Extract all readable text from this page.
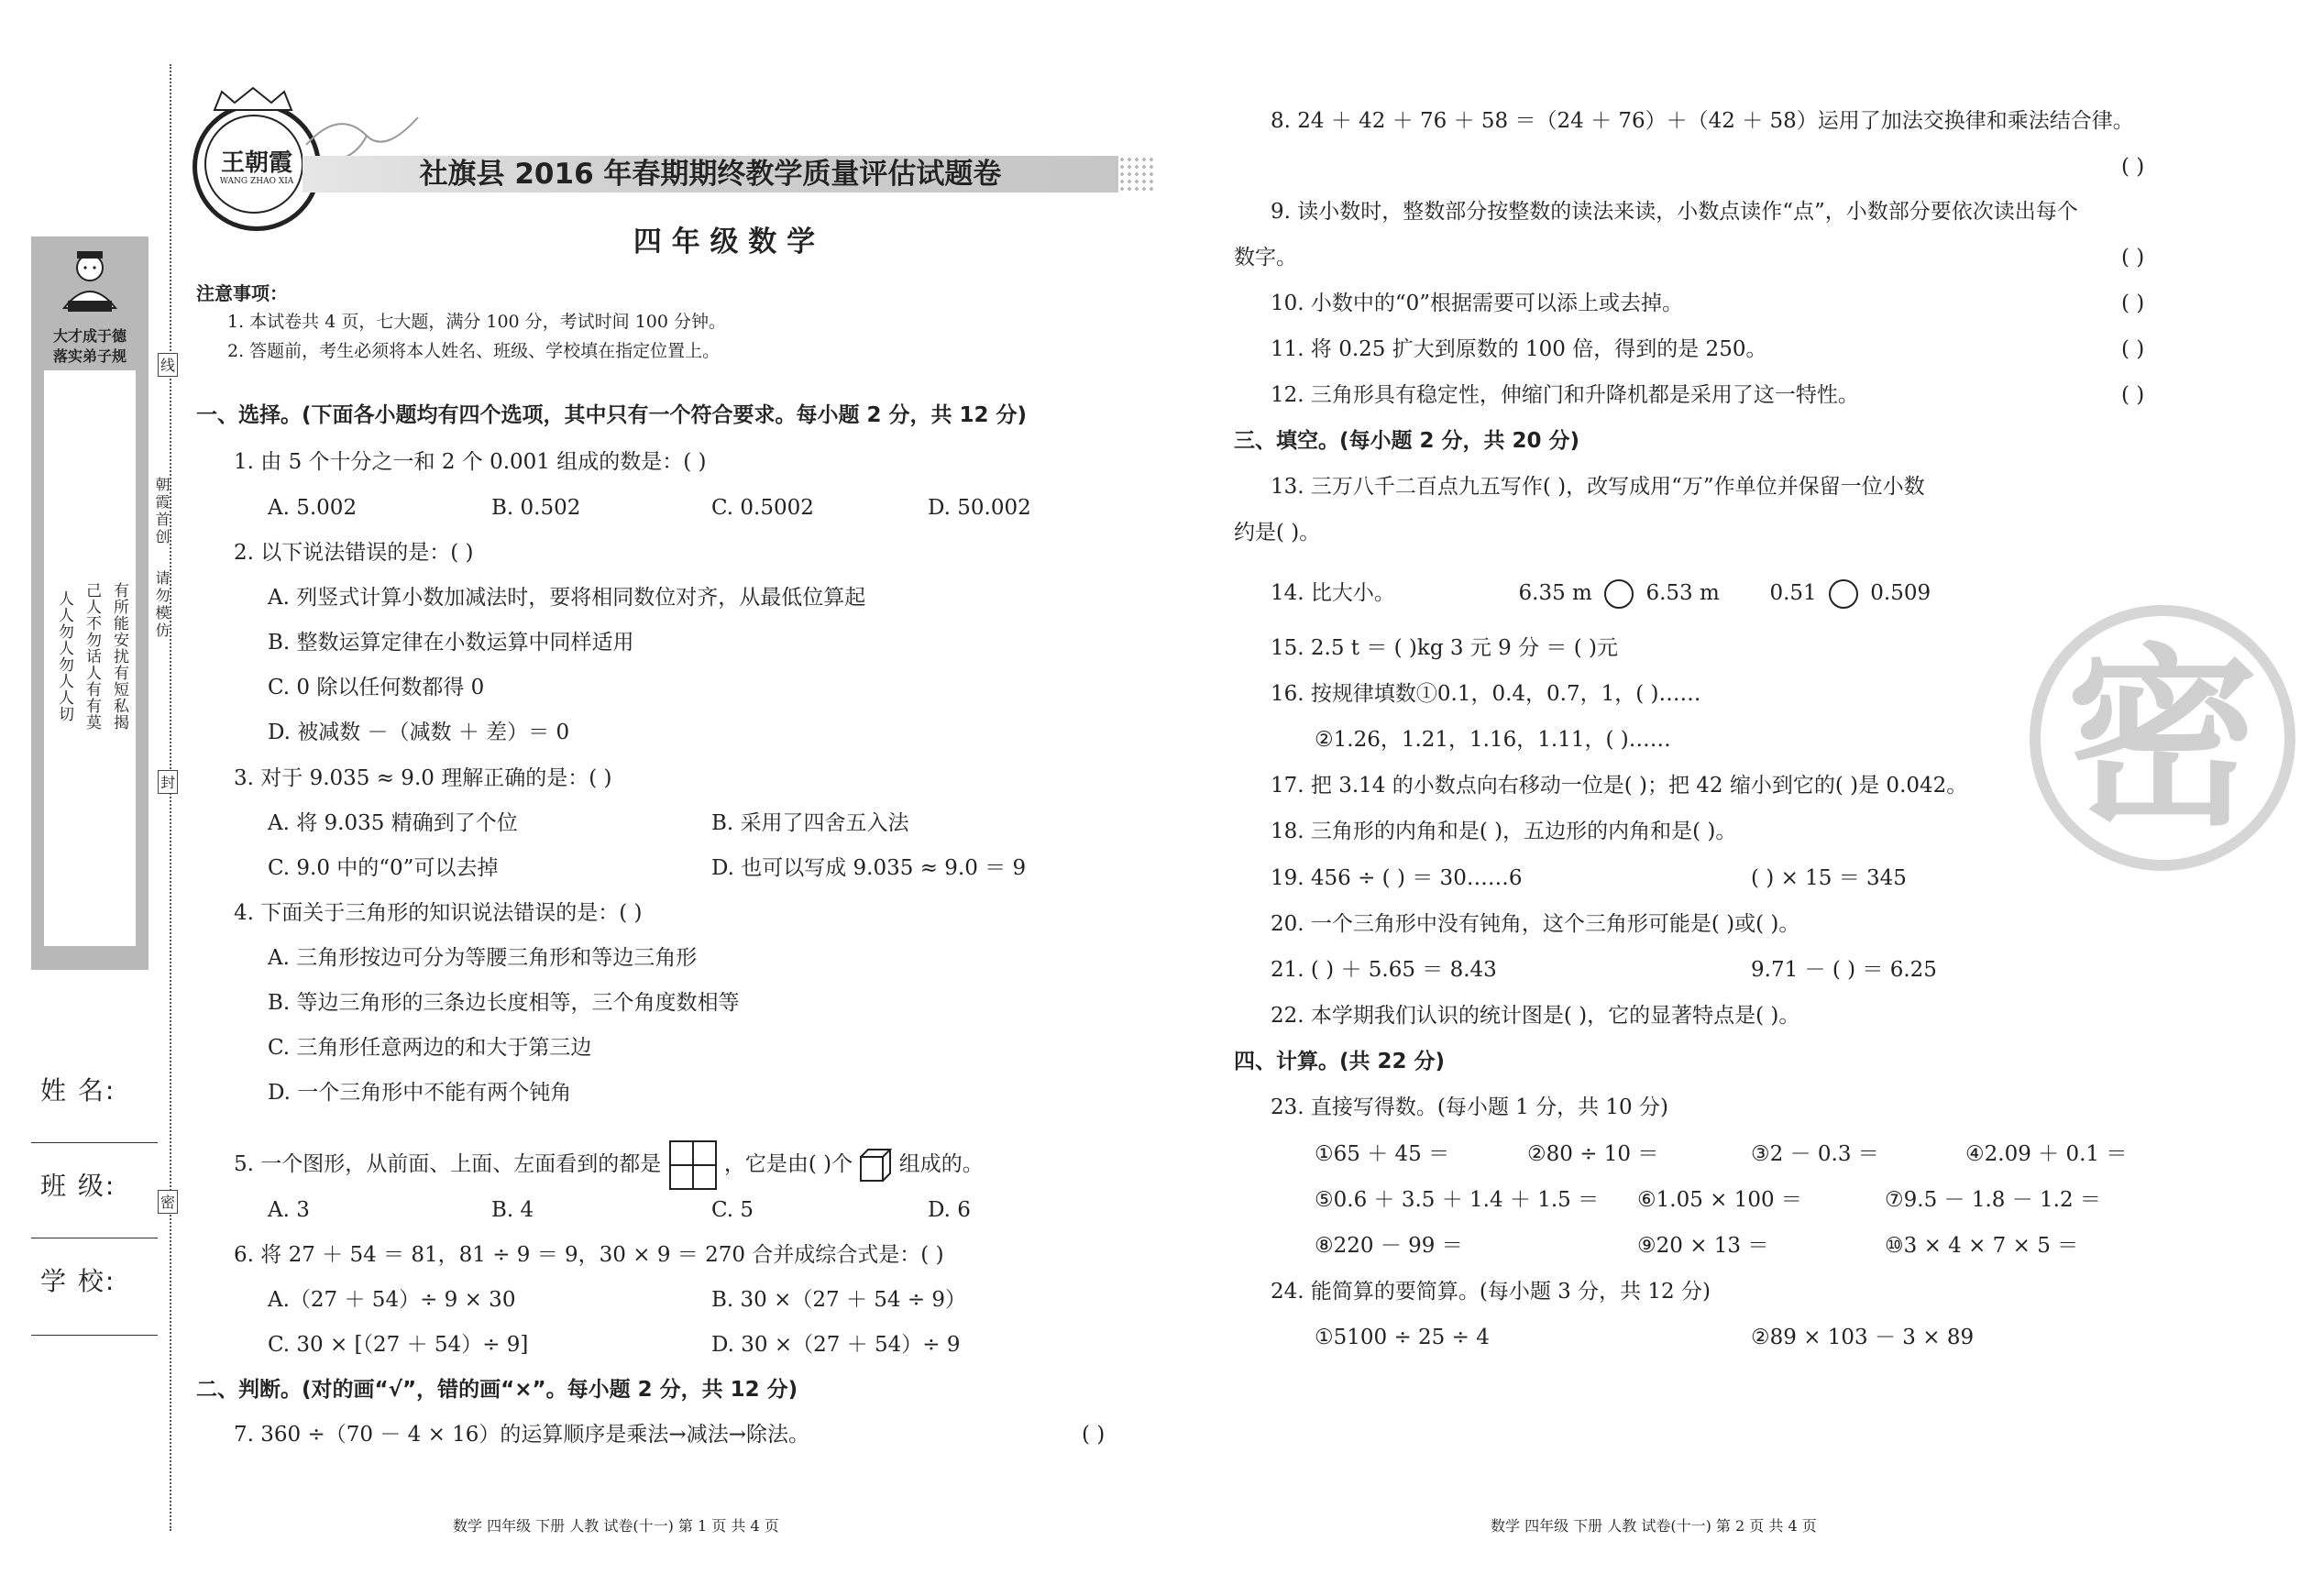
线
封
密
朝霞首创
请勿模仿
大才成于德
落实弟子规
人人勿人勿人人切 己人不勿话人有有莫 有所能安扰有短私揭
姓 名:
班 级:
学 校:
王朝霞
WANG ZHAO XIA	社旗县 2016 年春期期终教学质量评估试题卷
四 年 级 数 学
注意事项：
1. 本试卷共 4 页，七大题，满分 100 分，考试时间 100 分钟。
2. 答题前，考生必须将本人姓名、班级、学校填在指定位置上。
一、选择。(下面各小题均有四个选项，其中只有一个符合要求。每小题 2 分，共 12 分)
1. 由 5 个十分之一和 2 个 0.001 组成的数是：( )
A. 5.002	B. 0.502	C. 0.5002	D. 50.002
2. 以下说法错误的是：( )
A. 列竖式计算小数加减法时，要将相同数位对齐，从最低位算起
B. 整数运算定律在小数运算中同样适用
C. 0 除以任何数都得 0
D. 被减数 －（减数 ＋ 差）＝ 0
3. 对于 9.035 ≈ 9.0 理解正确的是：( )
A. 将 9.035 精确到了个位	B. 采用了四舍五入法
C. 9.0 中的“0”可以去掉	D. 也可以写成 9.035 ≈ 9.0 ＝ 9
4. 下面关于三角形的知识说法错误的是：( )
A. 三角形按边可分为等腰三角形和等边三角形
B. 等边三角形的三条边长度相等，三个角度数相等
C. 三角形任意两边的和大于第三边
D. 一个三角形中不能有两个钝角
5. 一个图形，从前面、上面、左面看到的都是	，它是由( )个 组成的。
A. 3	B. 4	C. 5	D. 6
6. 将 27 ＋ 54 ＝ 81，81 ÷ 9 ＝ 9，30 × 9 ＝ 270 合并成综合式是：( )
A.（27 ＋ 54）÷ 9 × 30	B. 30 ×（27 ＋ 54 ÷ 9）
C. 30 × [（27 ＋ 54）÷ 9]	D. 30 ×（27 ＋ 54）÷ 9
二、判断。(对的画“√”，错的画“×”。每小题 2 分，共 12 分)
7. 360 ÷（70 － 4 × 16）的运算顺序是乘法→减法→除法。	( )
数学 四年级 下册 人教 试卷(十一) 第 1 页 共 4 页
8. 24 ＋ 42 ＋ 76 ＋ 58 ＝（24 ＋ 76）＋（42 ＋ 58）运用了加法交换律和乘法结合律。
( )
9. 读小数时，整数部分按整数的读法来读，小数点读作“点”，小数部分要依次读出每个
数字。	( )
10. 小数中的“0”根据需要可以添上或去掉。	( )
11. 将 0.25 扩大到原数的 100 倍，得到的是 250。	( )
12. 三角形具有稳定性，伸缩门和升降机都是采用了这一特性。	( )
三、填空。(每小题 2 分，共 20 分)
13. 三万八千二百点九五写作( )，改写成用“万”作单位并保留一位小数
约是( )。
14. 比大小。	6.35 m	6.53 m 0.51	0.509
15. 2.5 t ＝ ( )kg 3 元 9 分 ＝ ( )元
16. 按规律填数①0.1，0.4，0.7，1，( )……
②1.26，1.21，1.16，1.11，( )……
17. 把 3.14 的小数点向右移动一位是( )；把 42 缩小到它的( )是 0.042。
18. 三角形的内角和是( )，五边形的内角和是( )。
19. 456 ÷ ( ) ＝ 30……6	( ) × 15 ＝ 345
20. 一个三角形中没有钝角，这个三角形可能是( )或( )。
21. ( ) ＋ 5.65 ＝ 8.43	9.71 － ( ) ＝ 6.25
22. 本学期我们认识的统计图是( )，它的显著特点是( )。
四、计算。(共 22 分)
23. 直接写得数。(每小题 1 分，共 10 分)
①65 ＋ 45 ＝	②80 ÷ 10 ＝	③2 － 0.3 ＝	④2.09 ＋ 0.1 ＝
⑤0.6 ＋ 3.5 ＋ 1.4 ＋ 1.5 ＝ ⑥1.05 × 100 ＝	⑦9.5 － 1.8 － 1.2 ＝
⑧220 － 99 ＝	⑨20 × 13 ＝	⑩3 × 4 × 7 × 5 ＝
24. 能简算的要简算。(每小题 3 分，共 12 分)
①5100 ÷ 25 ÷ 4	②89 × 103 － 3 × 89
密
数学 四年级 下册 人教 试卷(十一) 第 2 页 共 4 页
